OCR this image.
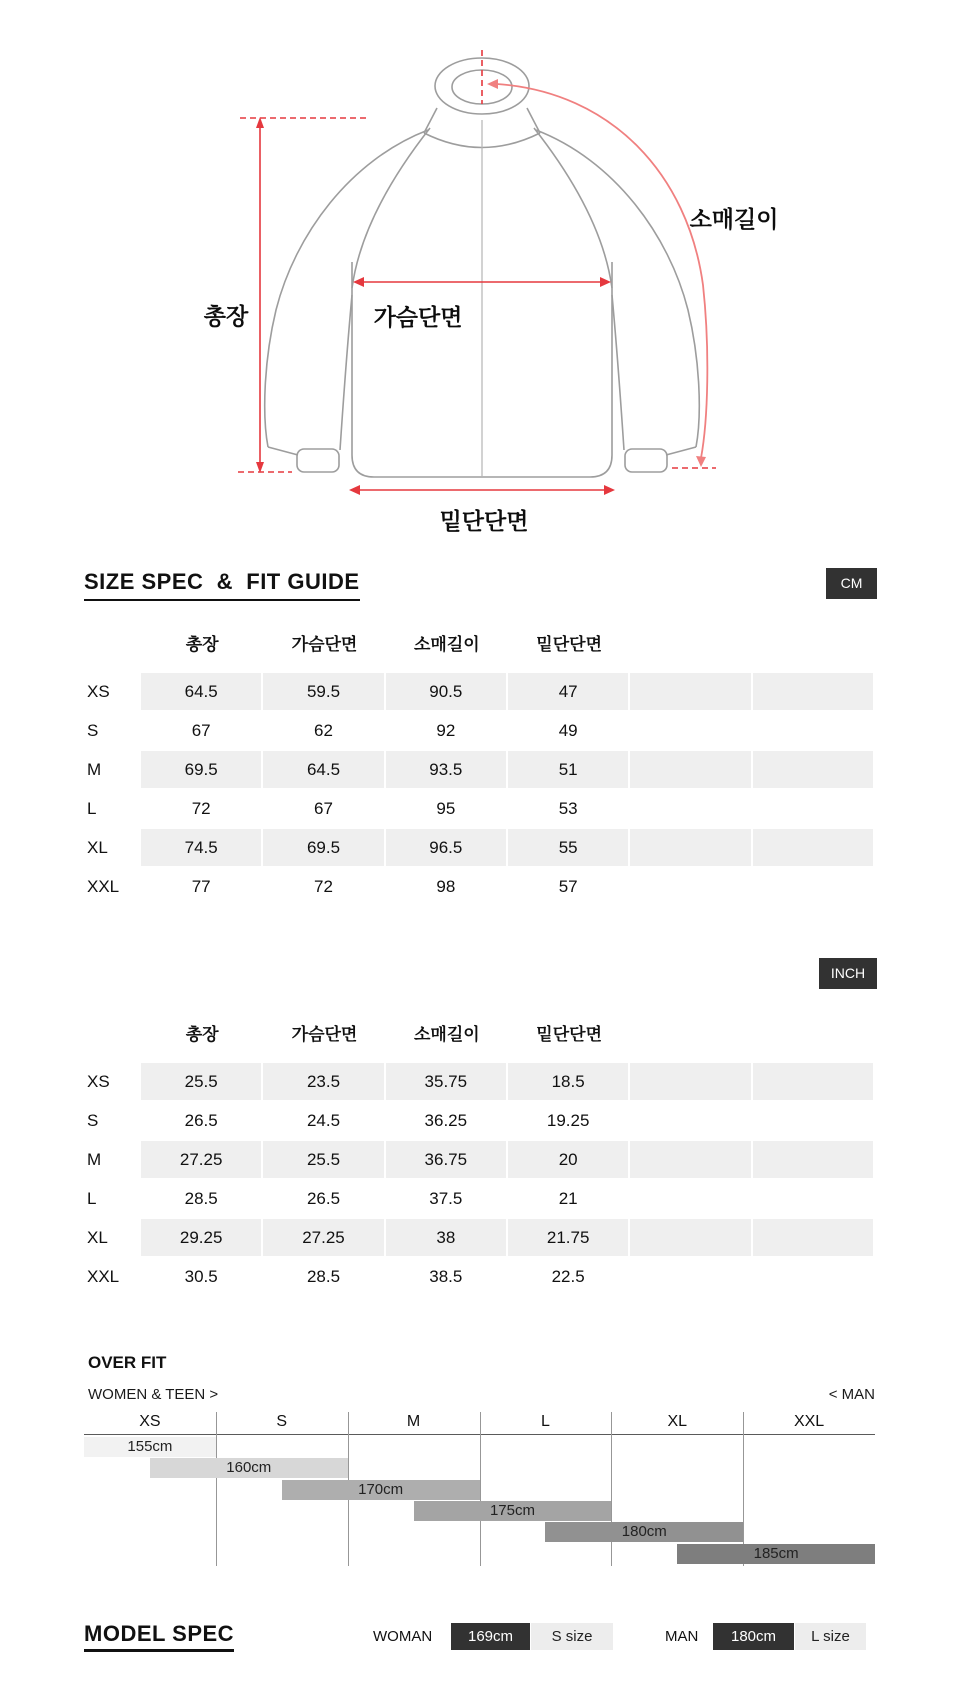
총장	가슴단면
소매길이
밑단단면
SIZE SPEC  &  FIT GUIDE	CM
총장	가슴단면	소매길이	밑단단면
XS	64.5	59.5	90.5	47
S	67	62	92	49
M	69.5	64.5	93.5	51
L	72	67	95	53
XL	74.5	69.5	96.5	55
XXL	77	72	98	57
INCH
총장	가슴단면	소매길이	밑단단면
XS	25.5	23.5	35.75	18.5
S	26.5	24.5	36.25	19.25
M	27.25	25.5	36.75	20
L	28.5	26.5	37.5	21
XL	29.25	27.25	38	21.75
XXL	30.5	28.5	38.5	22.5
OVER FIT
WOMEN & TEEN >	< MAN
XS	S	M	L	XL	XXL
155cm
160cm
170cm
175cm
180cm
185cm
MODEL SPEC	WOMAN	169cm	S size	MAN	180cm	L size
